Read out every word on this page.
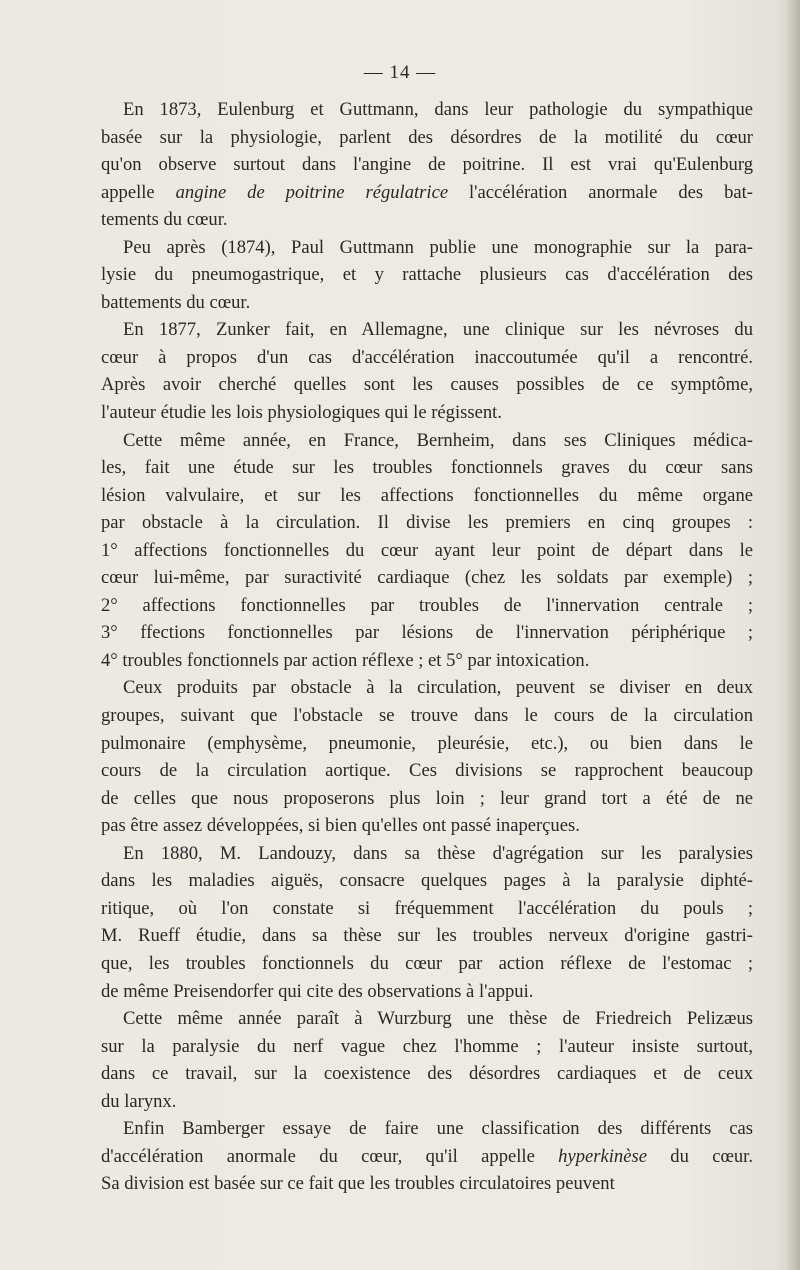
— 14 —

En 1873, Eulenburg et Guttmann, dans leur pathologie du sympathique
basée sur la physiologie, parlent des désordres de la motilité du cœur
qu'on observe surtout dans l'angine de poitrine. Il est vrai qu'Eulenburg
appelle angine de poitrine régulatrice l'accélération anormale des bat-
tements du cœur.

Peu après (1874), Paul Guttmann publie une monographie sur la para-
lysie du pneumogastrique, et y rattache plusieurs cas d'accélération des
battements du cœur.

En 1877, Zunker fait, en Allemagne, une clinique sur les névroses du
cœur à propos d'un cas d'accélération inaccoutumée qu'il a rencontré.
Après avoir cherché quelles sont les causes possibles de ce symptôme,
l'auteur étudie les lois physiologiques qui le régissent.

Cette même année, en France, Bernheim, dans ses Cliniques médica-
les, fait une étude sur les troubles fonctionnels graves du cœur sans
lésion valvulaire, et sur les affections fonctionnelles du même organe
par obstacle à la circulation. Il divise les premiers en cinq groupes :
1° affections fonctionnelles du cœur ayant leur point de départ dans le
cœur lui-même, par suractivité cardiaque (chez les soldats par exemple) ;
2° affections fonctionnelles par troubles de l'innervation centrale ;
3° ffections fonctionnelles par lésions de l'innervation périphérique ;
4° troubles fonctionnels par action réflexe ; et 5° par intoxication.

Ceux produits par obstacle à la circulation, peuvent se diviser en deux
groupes, suivant que l'obstacle se trouve dans le cours de la circulation
pulmonaire (emphysème, pneumonie, pleurésie, etc.), ou bien dans le
cours de la circulation aortique. Ces divisions se rapprochent beaucoup
de celles que nous proposerons plus loin ; leur grand tort a été de ne
pas être assez développées, si bien qu'elles ont passé inaperçues.

En 1880, M. Landouzy, dans sa thèse d'agrégation sur les paralysies
dans les maladies aiguës, consacre quelques pages à la paralysie diphté-
ritique, où l'on constate si fréquemment l'accélération du pouls ;
M. Rueff étudie, dans sa thèse sur les troubles nerveux d'origine gastri-
que, les troubles fonctionnels du cœur par action réflexe de l'estomac ;
de même Preisendorfer qui cite des observations à l'appui.

Cette même année paraît à Wurzburg une thèse de Friedreich Pelizæus
sur la paralysie du nerf vague chez l'homme ; l'auteur insiste surtout,
dans ce travail, sur la coexistence des désordres cardiaques et de ceux
du larynx.

Enfin Bamberger essaye de faire une classification des différents cas
d'accélération anormale du cœur, qu'il appelle hyperkinèse du cœur.
Sa division est basée sur ce fait que les troubles circulatoires peuvent
